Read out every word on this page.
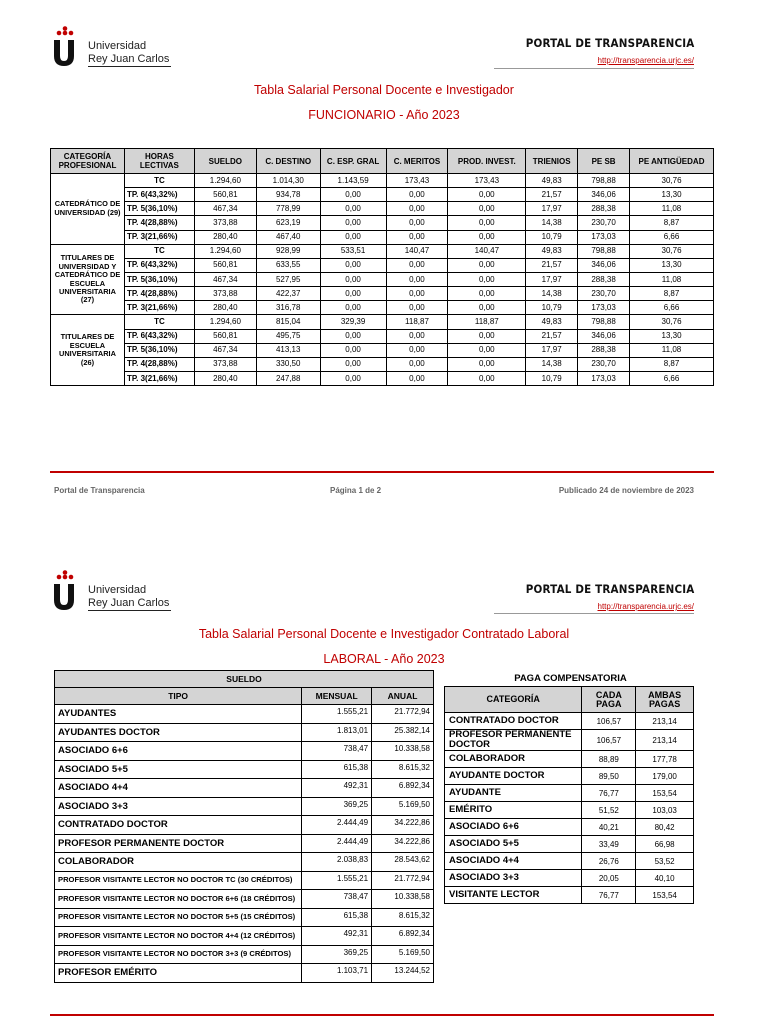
Universidad
Rey Juan Carlos
PORTAL DE TRANSPARENCIA
http://transparencia.urjc.es/
Tabla Salarial Personal Docente e Investigador
FUNCIONARIO - Año 2023
CATEGORÍA PROFESIONAL	HORAS LECTIVAS	SUELDO	C. DESTINO	C. ESP. GRAL	C. MERITOS	PROD. INVEST.	TRIENIOS	PE SB	PE ANTIGÜEDAD
CATEDRÁTICO DE UNIVERSIDAD (29)	TC	1.294,60	1.014,30	1.143,59	173,43	173,43	49,83	798,88	30,76
	TP. 6(43,32%)	560,81	934,78	0,00	0,00	0,00	21,57	346,06	13,30
	TP. 5(36,10%)	467,34	778,99	0,00	0,00	0,00	17,97	288,38	11,08
	TP. 4(28,88%)	373,88	623,19	0,00	0,00	0,00	14,38	230,70	8,87
	TP. 3(21,66%)	280,40	467,40	0,00	0,00	0,00	10,79	173,03	6,66
TITULARES DE UNIVERSIDAD Y CATEDRÁTICO DE ESCUELA UNIVERSITARIA (27)	TC	1.294,60	928,99	533,51	140,47	140,47	49,83	798,88	30,76
	TP. 6(43,32%)	560,81	633,55	0,00	0,00	0,00	21,57	346,06	13,30
	TP. 5(36,10%)	467,34	527,95	0,00	0,00	0,00	17,97	288,38	11,08
	TP. 4(28,88%)	373,88	422,37	0,00	0,00	0,00	14,38	230,70	8,87
	TP. 3(21,66%)	280,40	316,78	0,00	0,00	0,00	10,79	173,03	6,66
TITULARES DE ESCUELA UNIVERSITARIA (26)	TC	1.294,60	815,04	329,39	118,87	118,87	49,83	798,88	30,76
	TP. 6(43,32%)	560,81	495,75	0,00	0,00	0,00	21,57	346,06	13,30
	TP. 5(36,10%)	467,34	413,13	0,00	0,00	0,00	17,97	288,38	11,08
	TP. 4(28,88%)	373,88	330,50	0,00	0,00	0,00	14,38	230,70	8,87
	TP. 3(21,66%)	280,40	247,88	0,00	0,00	0,00	10,79	173,03	6,66
Portal de Transparencia	Página 1 de 2	Publicado 24 de noviembre de 2023
Universidad
Rey Juan Carlos
PORTAL DE TRANSPARENCIA
http://transparencia.urjc.es/
Tabla Salarial Personal Docente e Investigador Contratado Laboral
LABORAL - Año 2023
SUELDO		
TIPO	MENSUAL	ANUAL
AYUDANTES	1.555,21	21.772,94
AYUDANTES DOCTOR	1.813,01	25.382,14
ASOCIADO 6+6	738,47	10.338,58
ASOCIADO 5+5	615,38	8.615,32
ASOCIADO 4+4	492,31	6.892,34
ASOCIADO 3+3	369,25	5.169,50
CONTRATADO DOCTOR	2.444,49	34.222,86
PROFESOR PERMANENTE DOCTOR	2.444,49	34.222,86
COLABORADOR	2.038,83	28.543,62
PROFESOR VISITANTE LECTOR NO DOCTOR TC (30 CRÉDITOS)	1.555,21	21.772,94
PROFESOR VISITANTE LECTOR NO DOCTOR 6+6 (18 CRÉDITOS)	738,47	10.338,58
PROFESOR VISITANTE LECTOR NO DOCTOR 5+5 (15 CRÉDITOS)	615,38	8.615,32
PROFESOR VISITANTE LECTOR NO DOCTOR 4+4 (12 CRÉDITOS)	492,31	6.892,34
PROFESOR VISITANTE LECTOR NO DOCTOR 3+3 (9 CRÉDITOS)	369,25	5.169,50
PROFESOR EMÉRITO	1.103,71	13.244,52
PAGA COMPENSATORIA
CATEGORÍA	CADA PAGA	AMBAS PAGAS
CONTRATADO DOCTOR	106,57	213,14
PROFESOR PERMANENTE DOCTOR	106,57	213,14
COLABORADOR	88,89	177,78
AYUDANTE DOCTOR	89,50	179,00
AYUDANTE	76,77	153,54
EMÉRITO	51,52	103,03
ASOCIADO 6+6	40,21	80,42
ASOCIADO 5+5	33,49	66,98
ASOCIADO 4+4	26,76	53,52
ASOCIADO 3+3	20,05	40,10
VISITANTE LECTOR	76,77	153,54
